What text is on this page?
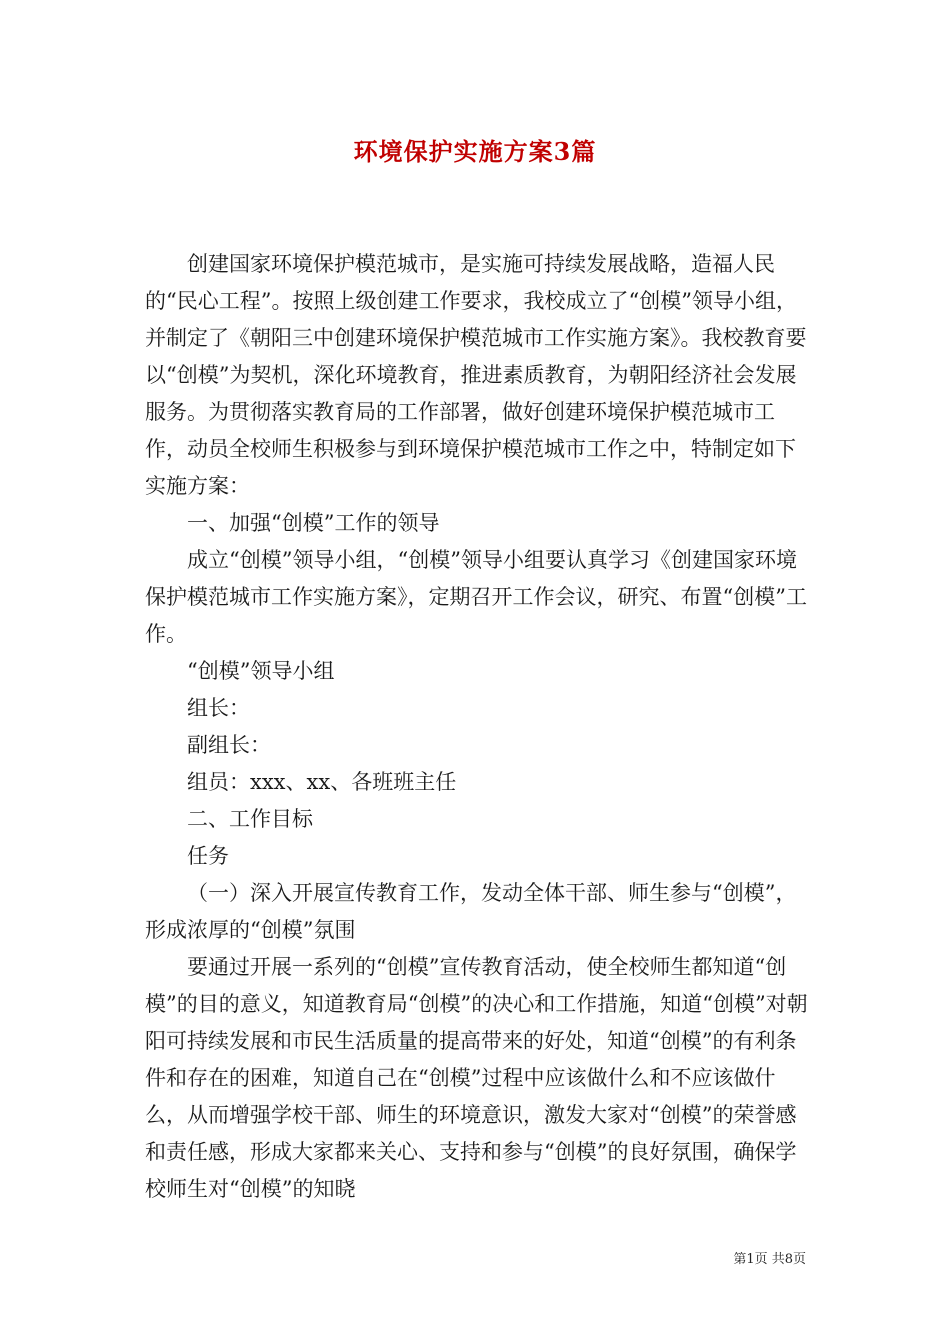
环境保护实施方案3篇

创建国家环境保护模范城市，是实施可持续发展战略，造福人民的“民心工程”。按照上级创建工作要求，我校成立了“创模”领导小组，并制定了《朝阳三中创建环境保护模范城市工作实施方案》。我校教育要以“创模”为契机，深化环境教育，推进素质教育，为朝阳经济社会发展服务。为贯彻落实教育局的工作部署，做好创建环境保护模范城市工作，动员全校师生积极参与到环境保护模范城市工作之中，特制定如下实施方案：

一、加强“创模”工作的领导

成立“创模”领导小组，“创模”领导小组要认真学习《创建国家环境保护模范城市工作实施方案》，定期召开工作会议，研究、布置“创模”工作。

“创模”领导小组

组长：

副组长：

组员：xxx、xx、各班班主任

二、工作目标

任务

（一）深入开展宣传教育工作，发动全体干部、师生参与“创模”，形成浓厚的“创模”氛围

要通过开展一系列的“创模”宣传教育活动，使全校师生都知道“创模”的目的意义，知道教育局“创模”的决心和工作措施，知道“创模”对朝阳可持续发展和市民生活质量的提高带来的好处，知道“创模”的有利条件和存在的困难，知道自己在“创模”过程中应该做什么和不应该做什么，从而增强学校干部、师生的环境意识，激发大家对“创模”的荣誉感和责任感，形成大家都来关心、支持和参与“创模”的良好氛围，确保学校师生对“创模”的知晓

第1页 共8页
